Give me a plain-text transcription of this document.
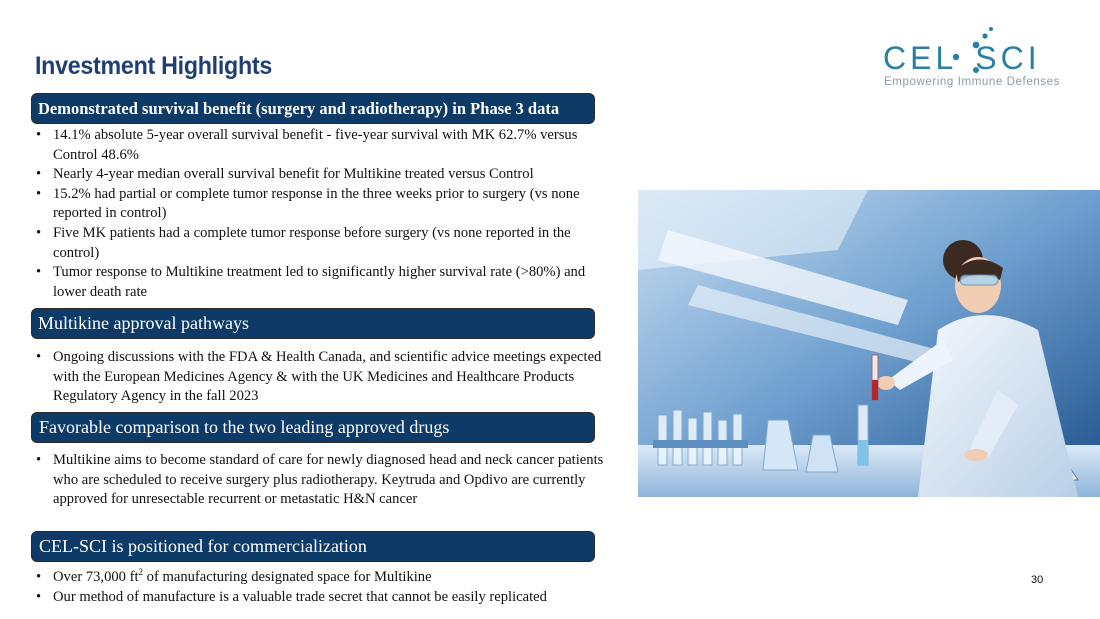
Investment Highlights	CEL SCI
Empowering Immune Defenses
Demonstrated survival benefit (surgery and radiotherapy) in Phase 3 data
• 14.1% absolute 5-year overall survival benefit - five-year survival with MK 62.7% versus Control 48.6%
• Nearly 4-year median overall survival benefit for Multikine treated versus Control
• 15.2% had partial or complete tumor response in the three weeks prior to surgery (vs none reported in control)
• Five MK patients had a complete tumor response before surgery (vs none reported in the control)
• Tumor response to Multikine treatment led to significantly higher survival rate (>80%) and lower death rate
Multikine approval pathways
• Ongoing discussions with the FDA & Health Canada, and scientific advice meetings expected with the European Medicines Agency & with the UK Medicines and Healthcare Products Regulatory Agency in the fall 2023
Favorable comparison to the two leading approved drugs
• Multikine aims to become standard of care for newly diagnosed head and neck cancer patients who are scheduled to receive surgery plus radiotherapy. Keytruda and Opdivo are currently approved for unresectable recurrent or metastatic H&N cancer
CEL-SCI is positioned for commercialization
• Over 73,000 $ft^2$ of manufacturing designated space for Multikine
• Our method of manufacture is a valuable trade secret that cannot be easily replicated
30
